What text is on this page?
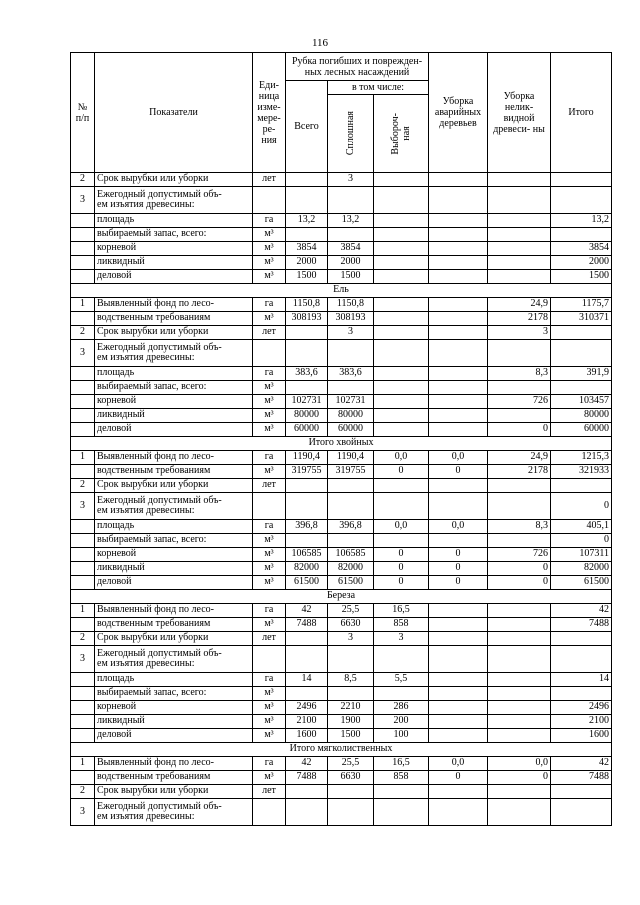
116
№ п/п	Показатели	Еди- ница изме- мере- ре- ния	Рубка погибших и поврежден- ных лесных насаждений			Уборка аварийных деревьев	Уборка нелик- видной древеси- ны	Итого
			Всего	в том числе:				

				Сплошная	Выбороч-
ная			

2	Срок вырубки или уборки	лет		3				
3	Ежегодный допустимый объ-
ем изъятия древесины:							
	площадь	га	13,2	13,2				13,2
	выбираемый запас, всего:	м³						
	корневой	м³	3854	3854				3854
	ликвидный	м³	2000	2000				2000
	деловой	м³	1500	1500				1500
Ель								
1	Выявленный фонд по лесо-	га	1150,8	1150,8			24,9	1175,7
	водственным требованиям	м³	308193	308193			2178	310371
2	Срок вырубки или уборки	лет		3			3	
3	Ежегодный допустимый объ-
ем изъятия древесины:							
	площадь	га	383,6	383,6			8,3	391,9
	выбираемый запас, всего:	м³						
	корневой	м³	102731	102731			726	103457
	ликвидный	м³	80000	80000				80000
	деловой	м³	60000	60000			0	60000
Итого хвойных								
1	Выявленный фонд по лесо-	га	1190,4	1190,4	0,0	0,0	24,9	1215,3
	водственным требованиям	м³	319755	319755	0	0	2178	321933
2	Срок вырубки или уборки	лет						
3	Ежегодный допустимый объ-
ем изъятия древесины:							0
	площадь	га	396,8	396,8	0,0	0,0	8,3	405,1
	выбираемый запас, всего:	м³						0
	корневой	м³	106585	106585	0	0	726	107311
	ликвидный	м³	82000	82000	0	0	0	82000
	деловой	м³	61500	61500	0	0	0	61500
Береза								
1	Выявленный фонд по лесо-	га	42	25,5	16,5			42
	водственным требованиям	м³	7488	6630	858			7488
2	Срок вырубки или уборки	лет		3	3			
3	Ежегодный допустимый объ-
ем изъятия древесины:							
	площадь	га	14	8,5	5,5			14
	выбираемый запас, всего:	м³						
	корневой	м³	2496	2210	286			2496
	ликвидный	м³	2100	1900	200			2100
	деловой	м³	1600	1500	100			1600
Итого мягколиственных								
1	Выявленный фонд по лесо-	га	42	25,5	16,5	0,0	0,0	42
	водственным требованиям	м³	7488	6630	858	0	0	7488
2	Срок вырубки или уборки	лет						
3	Ежегодный допустимый объ-
ем изъятия древесины:							
